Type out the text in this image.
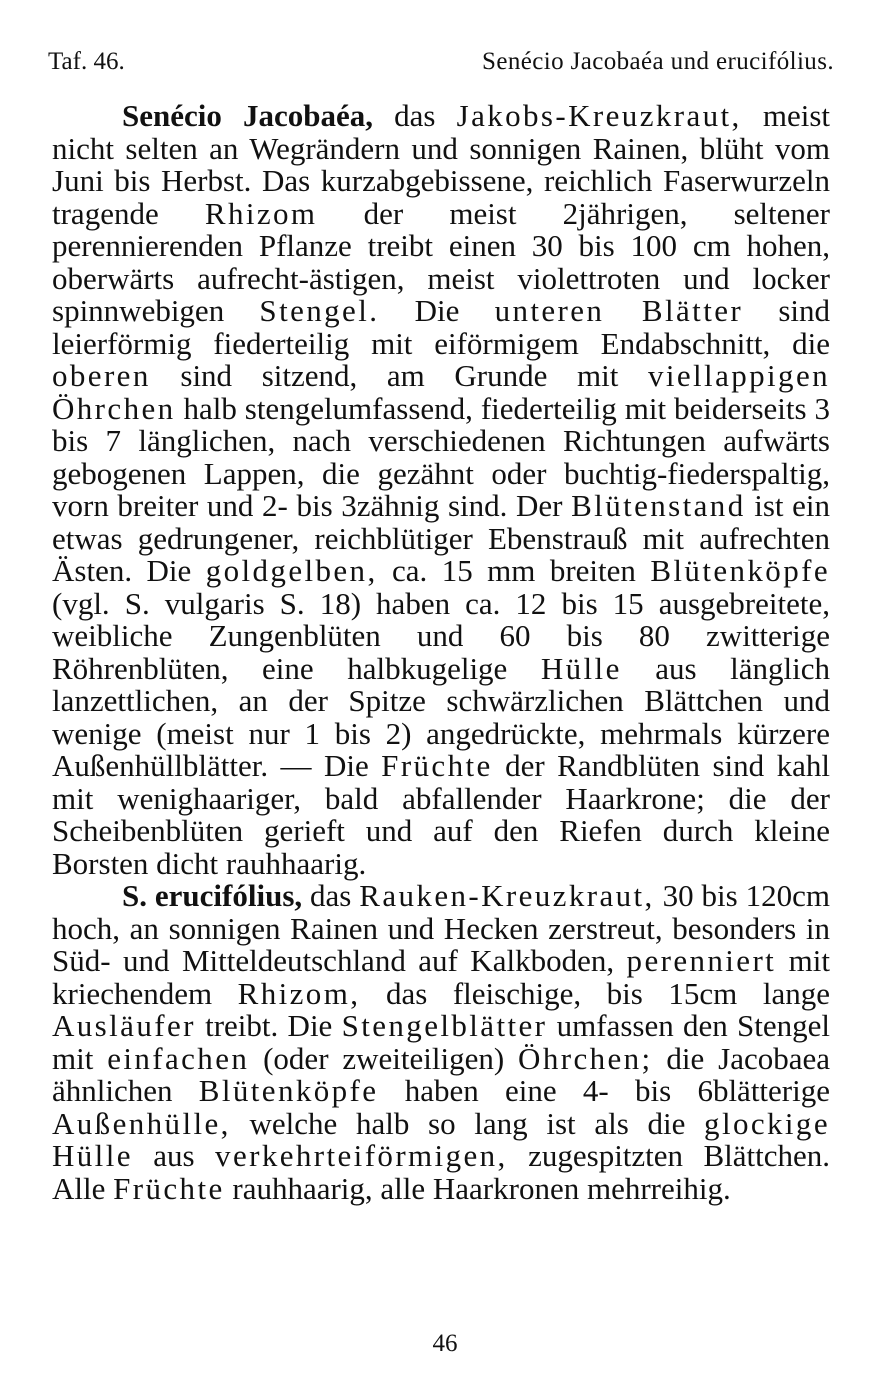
Taf. 46.	Senécio Jacobaéa und erucifólius.

Senécio Jacobaéa, das Jakobs-Kreuzkraut, meist nicht selten an Wegrändern und sonnigen Rainen, blüht vom Juni bis Herbst. Das kurzabgebissene, reichlich Faserwurzeln tragende Rhizom der meist 2jährigen, seltener perennierenden Pflanze treibt einen 30 bis 100 cm hohen, oberwärts aufrecht-ästigen, meist violettroten und locker spinnwebigen Stengel. Die unteren Blätter sind leierförmig fiederteilig mit eiförmigem Endabschnitt, die oberen sind sitzend, am Grunde mit viellappigen Öhrchen halb stengelumfassend, fiederteilig mit beiderseits 3 bis 7 länglichen, nach verschiedenen Richtungen aufwärts gebogenen Lappen, die gezähnt oder buchtig-fiederspaltig, vorn breiter und 2- bis 3zähnig sind. Der Blütenstand ist ein etwas gedrungener, reichblütiger Ebenstrauß mit aufrechten Ästen. Die goldgelben, ca. 15 mm breiten Blütenköpfe (vgl. S. vulgaris S. 18) haben ca. 12 bis 15 ausgebreitete, weibliche Zungenblüten und 60 bis 80 zwitterige Röhrenblüten, eine halbkugelige Hülle aus länglich lanzettlichen, an der Spitze schwärzlichen Blättchen und wenige (meist nur 1 bis 2) angedrückte, mehrmals kürzere Außenhüllblätter. — Die Früchte der Randblüten sind kahl mit wenighaariger, bald abfallender Haarkrone; die der Scheibenblüten gerieft und auf den Riefen durch kleine Borsten dicht rauhhaarig.

S. erucifólius, das Rauken-Kreuzkraut, 30 bis 120cm hoch, an sonnigen Rainen und Hecken zerstreut, besonders in Süd- und Mitteldeutschland auf Kalkboden, perenniert mit kriechendem Rhizom, das fleischige, bis 15cm lange Ausläufer treibt. Die Stengelblätter umfassen den Stengel mit einfachen (oder zweiteiligen) Öhrchen; die Jacobaea ähnlichen Blütenköpfe haben eine 4- bis 6blätterige Außenhülle, welche halb so lang ist als die glockige Hülle aus verkehrteiförmigen, zugespitzten Blättchen. Alle Früchte rauhhaarig, alle Haarkronen mehrreihig.

46
